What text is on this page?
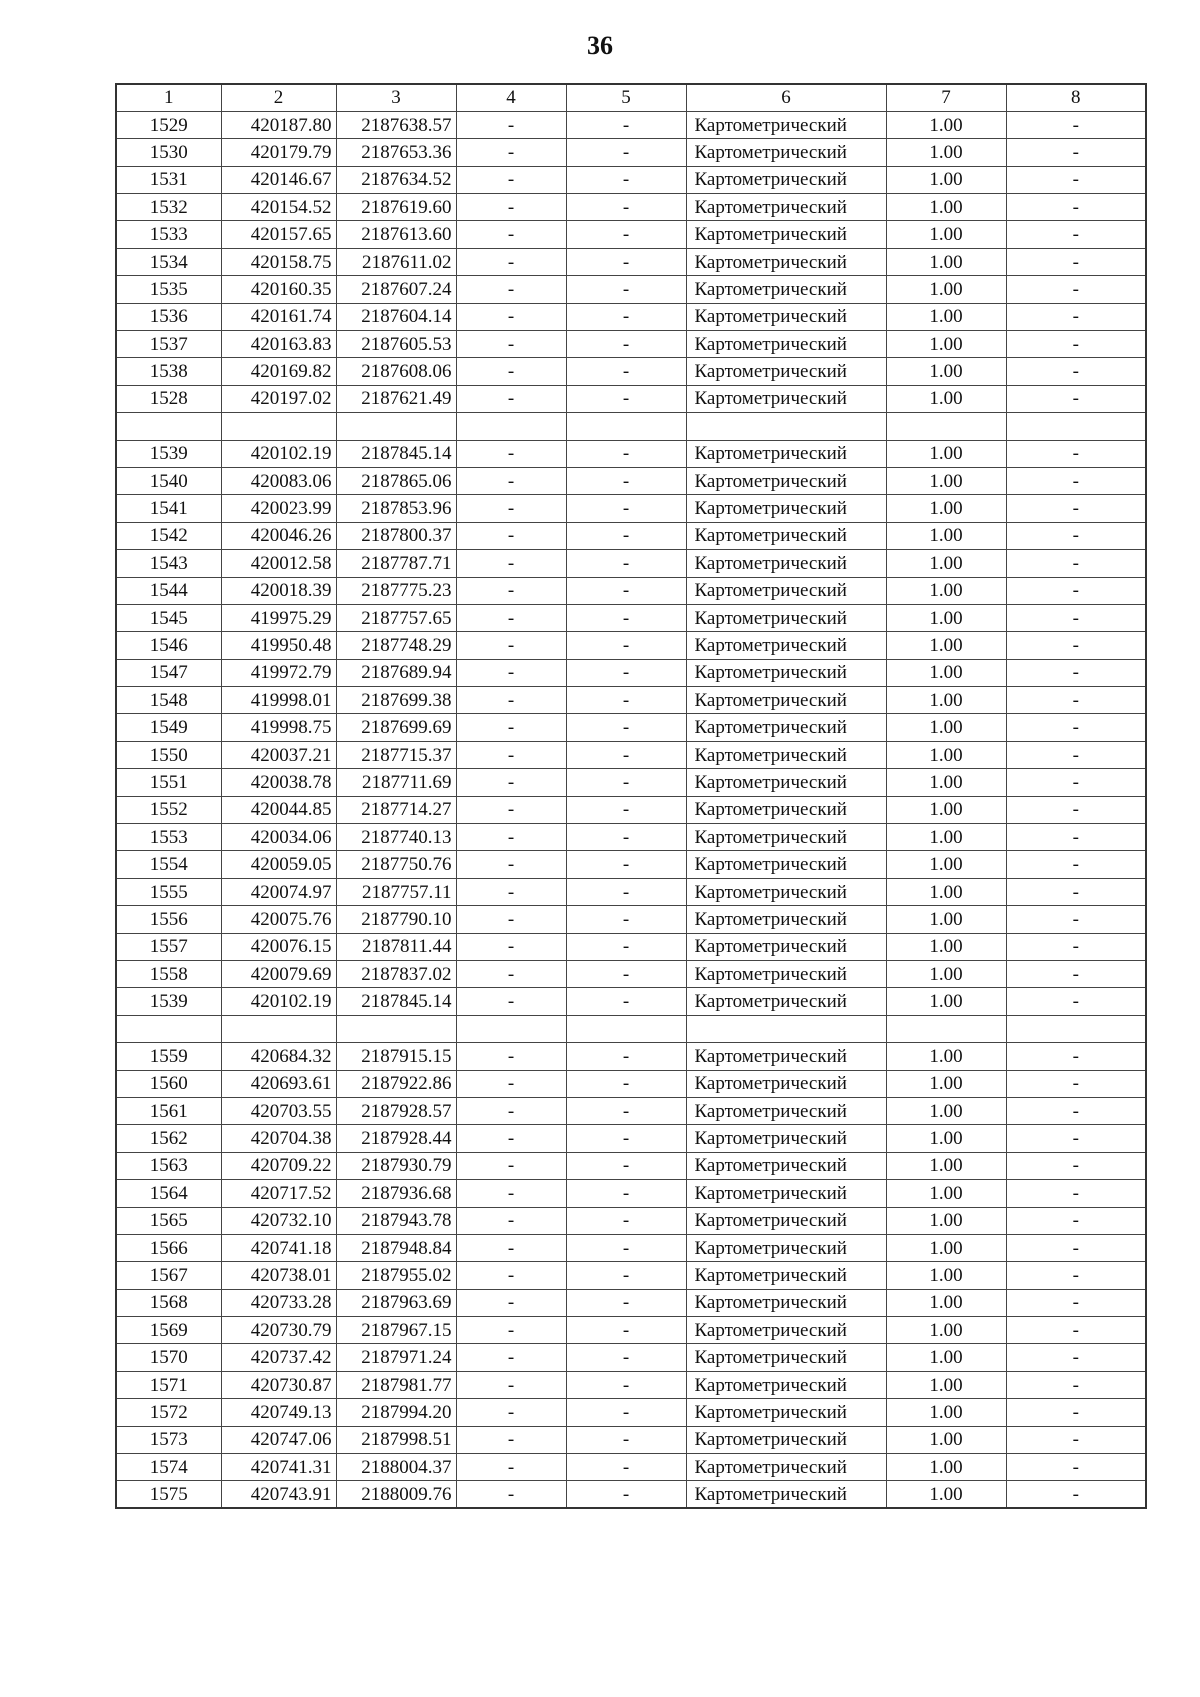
36
1	2	3	4	5	6	7	8
1529	420187.80	2187638.57	-	-	Картометрический	1.00	-
1530	420179.79	2187653.36	-	-	Картометрический	1.00	-
1531	420146.67	2187634.52	-	-	Картометрический	1.00	-
1532	420154.52	2187619.60	-	-	Картометрический	1.00	-
1533	420157.65	2187613.60	-	-	Картометрический	1.00	-
1534	420158.75	2187611.02	-	-	Картометрический	1.00	-
1535	420160.35	2187607.24	-	-	Картометрический	1.00	-
1536	420161.74	2187604.14	-	-	Картометрический	1.00	-
1537	420163.83	2187605.53	-	-	Картометрический	1.00	-
1538	420169.82	2187608.06	-	-	Картометрический	1.00	-
1528	420197.02	2187621.49	-	-	Картометрический	1.00	-

1539	420102.19	2187845.14	-	-	Картометрический	1.00	-
1540	420083.06	2187865.06	-	-	Картометрический	1.00	-
1541	420023.99	2187853.96	-	-	Картометрический	1.00	-
1542	420046.26	2187800.37	-	-	Картометрический	1.00	-
1543	420012.58	2187787.71	-	-	Картометрический	1.00	-
1544	420018.39	2187775.23	-	-	Картометрический	1.00	-
1545	419975.29	2187757.65	-	-	Картометрический	1.00	-
1546	419950.48	2187748.29	-	-	Картометрический	1.00	-
1547	419972.79	2187689.94	-	-	Картометрический	1.00	-
1548	419998.01	2187699.38	-	-	Картометрический	1.00	-
1549	419998.75	2187699.69	-	-	Картометрический	1.00	-
1550	420037.21	2187715.37	-	-	Картометрический	1.00	-
1551	420038.78	2187711.69	-	-	Картометрический	1.00	-
1552	420044.85	2187714.27	-	-	Картометрический	1.00	-
1553	420034.06	2187740.13	-	-	Картометрический	1.00	-
1554	420059.05	2187750.76	-	-	Картометрический	1.00	-
1555	420074.97	2187757.11	-	-	Картометрический	1.00	-
1556	420075.76	2187790.10	-	-	Картометрический	1.00	-
1557	420076.15	2187811.44	-	-	Картометрический	1.00	-
1558	420079.69	2187837.02	-	-	Картометрический	1.00	-
1539	420102.19	2187845.14	-	-	Картометрический	1.00	-

1559	420684.32	2187915.15	-	-	Картометрический	1.00	-
1560	420693.61	2187922.86	-	-	Картометрический	1.00	-
1561	420703.55	2187928.57	-	-	Картометрический	1.00	-
1562	420704.38	2187928.44	-	-	Картометрический	1.00	-
1563	420709.22	2187930.79	-	-	Картометрический	1.00	-
1564	420717.52	2187936.68	-	-	Картометрический	1.00	-
1565	420732.10	2187943.78	-	-	Картометрический	1.00	-
1566	420741.18	2187948.84	-	-	Картометрический	1.00	-
1567	420738.01	2187955.02	-	-	Картометрический	1.00	-
1568	420733.28	2187963.69	-	-	Картометрический	1.00	-
1569	420730.79	2187967.15	-	-	Картометрический	1.00	-
1570	420737.42	2187971.24	-	-	Картометрический	1.00	-
1571	420730.87	2187981.77	-	-	Картометрический	1.00	-
1572	420749.13	2187994.20	-	-	Картометрический	1.00	-
1573	420747.06	2187998.51	-	-	Картометрический	1.00	-
1574	420741.31	2188004.37	-	-	Картометрический	1.00	-
1575	420743.91	2188009.76	-	-	Картометрический	1.00	-
